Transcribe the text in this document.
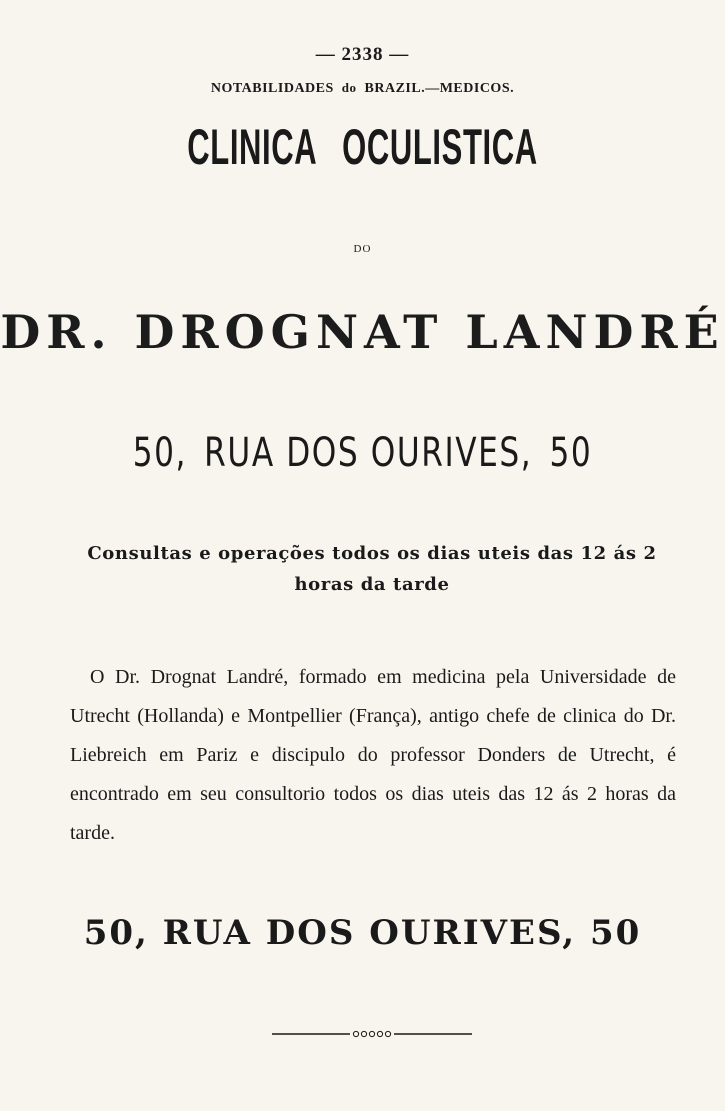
— 2338 —
NOTABILIDADES do BRAZIL.—MEDICOS.
CLINICA OCULISTICA
DO
DR. DROGNAT LANDRÉ
50, RUA DOS OURIVES, 50
Consultas e operações todos os dias uteis das 12 ás 2 horas da tarde
O Dr. Drognat Landré, formado em medicina pela Universidade de Utrecht (Hollanda) e Montpellier (França), antigo chefe de clinica do Dr. Liebreich em Pariz e discipulo do professor Donders de Utrecht, é encontrado em seu consultorio todos os dias uteis das 12 ás 2 horas da tarde.
50, RUA DOS OURIVES, 50
